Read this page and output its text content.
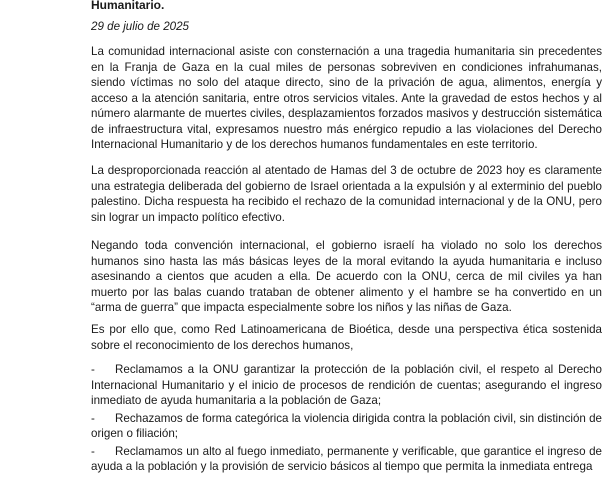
Humanitario.
29 de julio de 2025

La comunidad internacional asiste con consternación a una tragedia humanitaria sin precedentes en la Franja de Gaza en la cual miles de personas sobreviven en condiciones infrahumanas, siendo víctimas no solo del ataque directo, sino de la privación de agua, alimentos, energía y acceso a la atención sanitaria, entre otros servicios vitales. Ante la gravedad de estos hechos y al número alarmante de muertes civiles, desplazamientos forzados masivos y destrucción sistemática de infraestructura vital, expresamos nuestro más enérgico repudio a las violaciones del Derecho Internacional Humanitario y de los derechos humanos fundamentales en este territorio.

La desproporcionada reacción al atentado de Hamas del 3 de octubre de 2023 hoy es claramente una estrategia deliberada del gobierno de Israel orientada a la expulsión y al exterminio del pueblo palestino. Dicha respuesta ha recibido el rechazo de la comunidad internacional y de la ONU, pero sin lograr un impacto político efectivo.

Negando toda convención internacional, el gobierno israelí ha violado no solo los derechos humanos sino hasta las más básicas leyes de la moral evitando la ayuda humanitaria e incluso asesinando a cientos que acuden a ella. De acuerdo con la ONU, cerca de mil civiles ya han muerto por las balas cuando trataban de obtener alimento y el hambre se ha convertido en un “arma de guerra” que impacta especialmente sobre los niños y las niñas de Gaza.

Es por ello que, como Red Latinoamericana de Bioética, desde una perspectiva ética sostenida sobre el reconocimiento de los derechos humanos,

- Reclamamos a la ONU garantizar la protección de la población civil, el respeto al Derecho Internacional Humanitario y el inicio de procesos de rendición de cuentas; asegurando el ingreso inmediato de ayuda humanitaria a la población de Gaza;
- Rechazamos de forma categórica la violencia dirigida contra la población civil, sin distinción de origen o filiación;
- Reclamamos un alto al fuego inmediato, permanente y verificable, que garantice el ingreso de ayuda a la población y la provisión de servicio básicos al tiempo que permita la inmediata entrega
